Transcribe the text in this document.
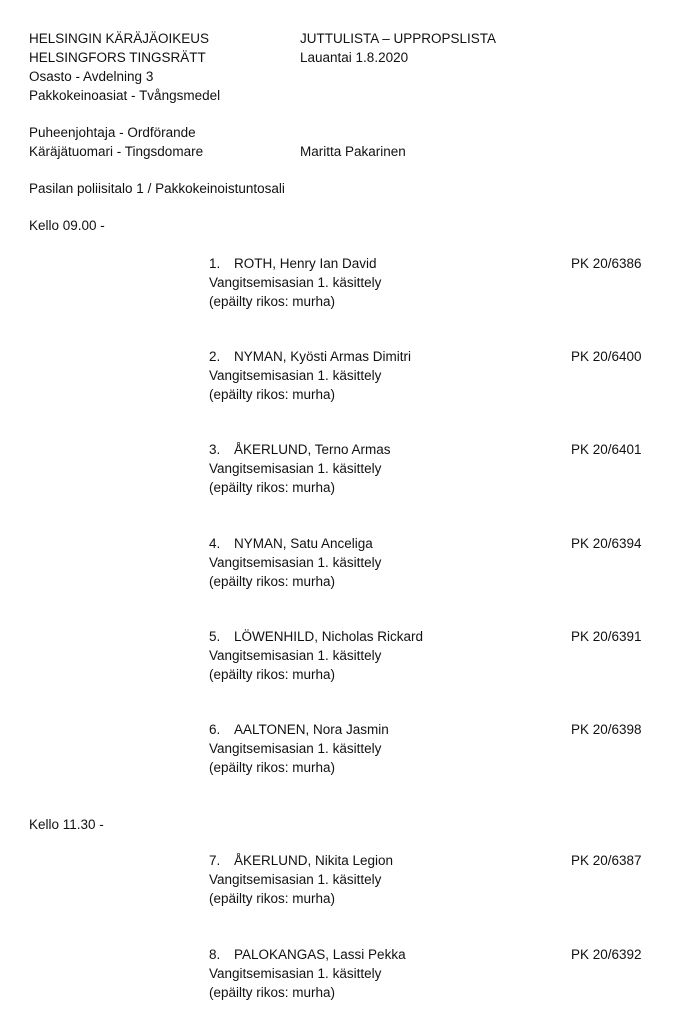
HELSINGIN KÄRÄJÄOIKEUS
HELSINGFORS TINGSRÄTT
Osasto - Avdelning 3
Pakkokeinoasiat - Tvångsmedel
JUTTULISTA – UPPROPSLISTA
Lauantai 1.8.2020
Puheenjohtaja - Ordförande
Käräjätuomari - Tingsdomare	Maritta Pakarinen
Pasilan poliisitalo 1 / Pakkokeinoistuntosali
Kello 09.00 -
1. ROTH, Henry Ian David	PK 20/6386
Vangitsemisasian 1. käsittely
(epäilty rikos: murha)
2. NYMAN, Kyösti Armas Dimitri	PK 20/6400
Vangitsemisasian 1. käsittely
(epäilty rikos: murha)
3. ÅKERLUND, Terno Armas	PK 20/6401
Vangitsemisasian 1. käsittely
(epäilty rikos: murha)
4. NYMAN, Satu Anceliga	PK 20/6394
Vangitsemisasian 1. käsittely
(epäilty rikos: murha)
5. LÖWENHILD, Nicholas Rickard	PK 20/6391
Vangitsemisasian 1. käsittely
(epäilty rikos: murha)
6. AALTONEN, Nora Jasmin	PK 20/6398
Vangitsemisasian 1. käsittely
(epäilty rikos: murha)
Kello 11.30 -
7. ÅKERLUND, Nikita Legion	PK 20/6387
Vangitsemisasian 1. käsittely
(epäilty rikos: murha)
8. PALOKANGAS, Lassi Pekka	PK 20/6392
Vangitsemisasian 1. käsittely
(epäilty rikos: murha)
